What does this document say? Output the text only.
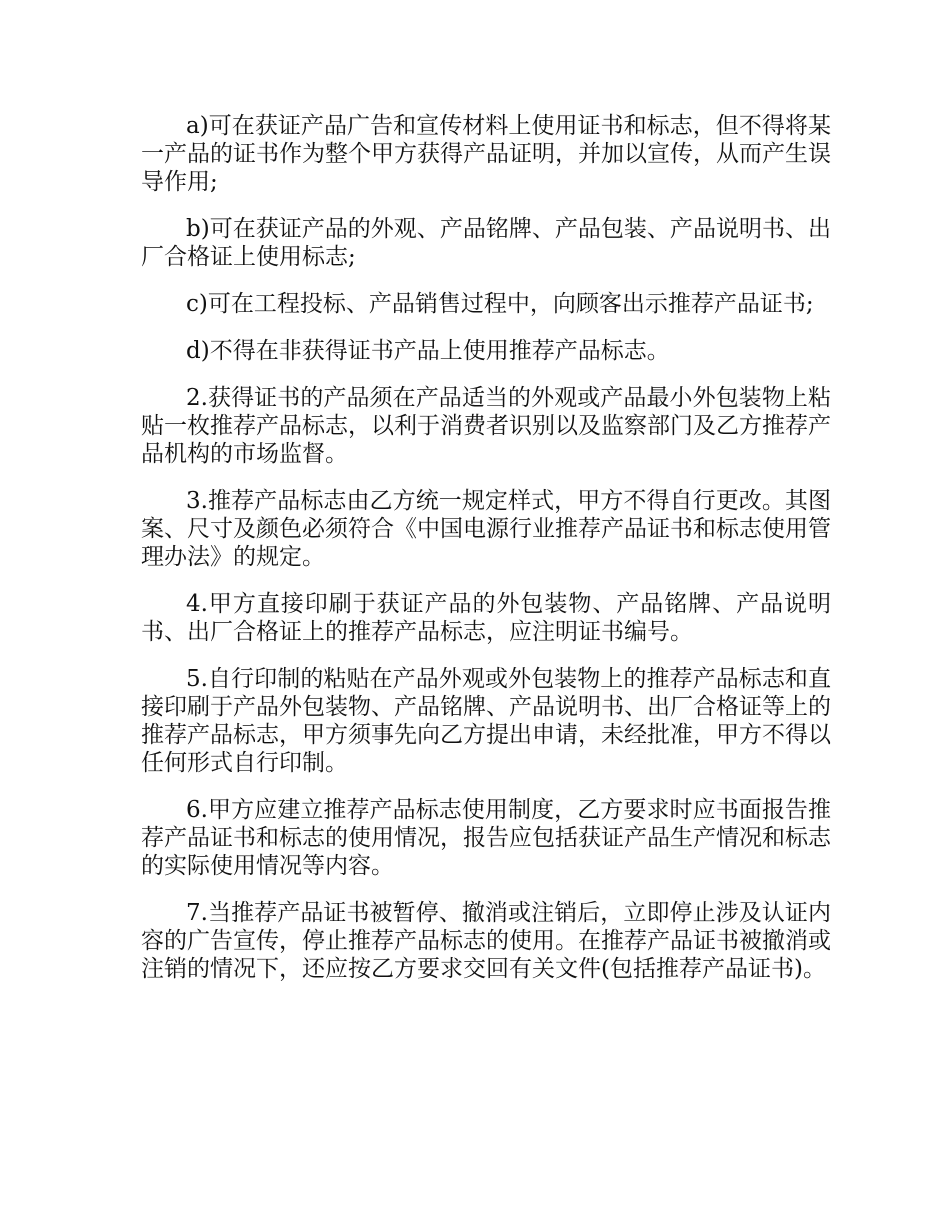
a)可在获证产品广告和宣传材料上使用证书和标志，但不得将某一产品的证书作为整个甲方获得产品证明，并加以宣传，从而产生误导作用;

b)可在获证产品的外观、产品铭牌、产品包装、产品说明书、出厂合格证上使用标志;

c)可在工程投标、产品销售过程中，向顾客出示推荐产品证书;

d)不得在非获得证书产品上使用推荐产品标志。

2.获得证书的产品须在产品适当的外观或产品最小外包装物上粘贴一枚推荐产品标志，以利于消费者识别以及监察部门及乙方推荐产品机构的市场监督。

3.推荐产品标志由乙方统一规定样式，甲方不得自行更改。其图案、尺寸及颜色必须符合《中国电源行业推荐产品证书和标志使用管理办法》的规定。

4.甲方直接印刷于获证产品的外包装物、产品铭牌、产品说明书、出厂合格证上的推荐产品标志，应注明证书编号。

5.自行印制的粘贴在产品外观或外包装物上的推荐产品标志和直接印刷于产品外包装物、产品铭牌、产品说明书、出厂合格证等上的推荐产品标志，甲方须事先向乙方提出申请，未经批准，甲方不得以任何形式自行印制。

6.甲方应建立推荐产品标志使用制度，乙方要求时应书面报告推荐产品证书和标志的使用情况，报告应包括获证产品生产情况和标志的实际使用情况等内容。

7.当推荐产品证书被暂停、撤消或注销后，立即停止涉及认证内容的广告宣传，停止推荐产品标志的使用。在推荐产品证书被撤消或注销的情况下，还应按乙方要求交回有关文件(包括推荐产品证书)。
